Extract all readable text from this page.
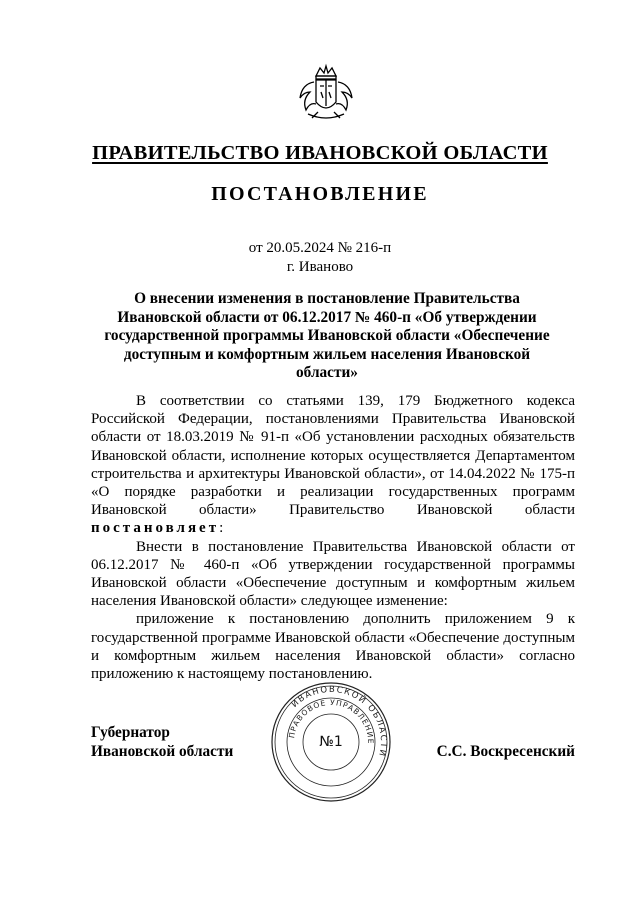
ПРАВИТЕЛЬСТВО ИВАНОВСКОЙ ОБЛАСТИ
ПОСТАНОВЛЕНИЕ
от 20.05.2024 № 216-п
г. Иваново
О внесении изменения в постановление Правительства
Ивановской области от 06.12.2017 № 460-п «Об утверждении
государственной программы Ивановской области «Обеспечение
доступным и комфортным жильем населения Ивановской области»

В соответствии со статьями 139, 179 Бюджетного кодекса Российской Федерации, постановлениями Правительства Ивановской области от 18.03.2019 № 91-п «Об установлении расходных обязательств Ивановской области, исполнение которых осуществляется Департаментом строительства и архитектуры Ивановской области», от 14.04.2022 № 175-п «О порядке разработки и реализации государственных программ Ивановской области» Правительство Ивановской области постановляет:

Внести в постановление Правительства Ивановской области от 06.12.2017 № 460-п «Об утверждении государственной программы Ивановской области «Обеспечение доступным и комфортным жильем населения Ивановской области» следующее изменение:

приложение к постановлению дополнить приложением 9 к государственной программе Ивановской области «Обеспечение доступным и комфортным жильем населения Ивановской области» согласно приложению к настоящему постановлению.

Губернатор
Ивановской области
ИВАНОВСКОЙ ОБЛАСТИ
ПРАВОВОЕ УПРАВЛЕНИЕ
№1
С.С. Воскресенский
